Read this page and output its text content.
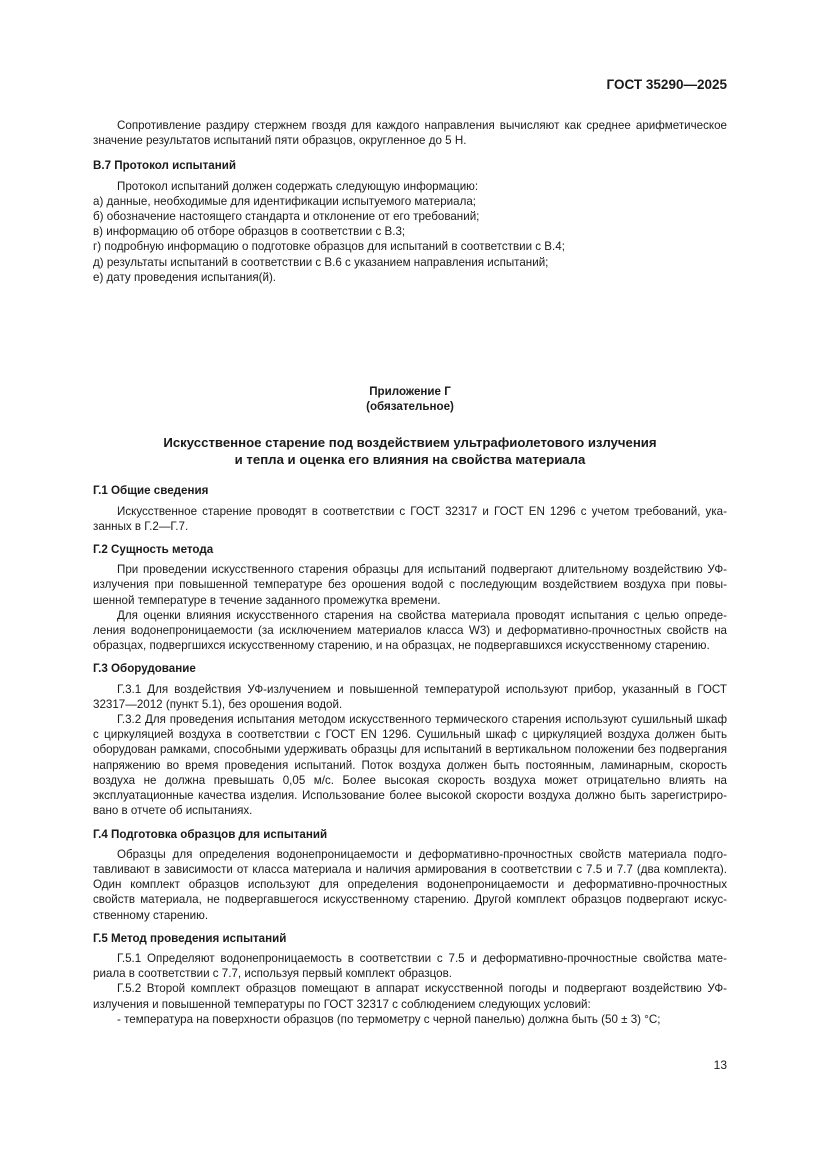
ГОСТ 35290—2025

Сопротивление раздиру стержнем гвоздя для каждого направления вычисляют как среднее арифметическое значение результатов испытаний пяти образцов, округленное до 5 Н.

В.7 Протокол испытаний

Протокол испытаний должен содержать следующую информацию:

а) данные, необходимые для идентификации испытуемого материала;

б) обозначение настоящего стандарта и отклонение от его требований;

в) информацию об отборе образцов в соответствии с В.3;

г) подробную информацию о подготовке образцов для испытаний в соответствии с В.4;

д) результаты испытаний в соответствии с В.6 с указанием направления испытаний;

е) дату проведения испытания(й).

Приложение Г

(обязательное)

Искусственное старение под воздействием ультрафиолетового излучения

и тепла и оценка его влияния на свойства материала

Г.1 Общие сведения

Искусственное старение проводят в соответствии с ГОСТ 32317 и ГОСТ EN 1296 с учетом требований, указанных в Г.2—Г.7.

Г.2 Сущность метода

При проведении искусственного старения образцы для испытаний подвергают длительному воздействию УФ-излучения при повышенной температуре без орошения водой с последующим воздействием воздуха при повышенной температуре в течение заданного промежутка времени.

Для оценки влияния искусственного старения на свойства материала проводят испытания с целью определения водонепроницаемости (за исключением материалов класса W3) и деформативно-прочностных свойств на образцах, подвергшихся искусственному старению, и на образцах, не подвергавшихся искусственному старению.

Г.3 Оборудование

Г.3.1 Для воздействия УФ-излучением и повышенной температурой используют прибор, указанный в ГОСТ 32317—2012 (пункт 5.1), без орошения водой.

Г.3.2 Для проведения испытания методом искусственного термического старения используют сушильный шкаф с циркуляцией воздуха в соответствии с ГОСТ EN 1296. Сушильный шкаф с циркуляцией воздуха должен быть оборудован рамками, способными удерживать образцы для испытаний в вертикальном положении без подвергания напряжению во время проведения испытаний. Поток воздуха должен быть постоянным, ламинарным, скорость воздуха не должна превышать 0,05 м/с. Более высокая скорость воздуха может отрицательно влиять на эксплуатационные качества изделия. Использование более высокой скорости воздуха должно быть зарегистрировано в отчете об испытаниях.

Г.4 Подготовка образцов для испытаний

Образцы для определения водонепроницаемости и деформативно-прочностных свойств материала подготавливают в зависимости от класса материала и наличия армирования в соответствии с 7.5 и 7.7 (два комплекта). Один комплект образцов используют для определения водонепроницаемости и деформативно-прочностных свойств материала, не подвергавшегося искусственному старению. Другой комплект образцов подвергают искусственному старению.

Г.5 Метод проведения испытаний

Г.5.1 Определяют водонепроницаемость в соответствии с 7.5 и деформативно-прочностные свойства материала в соответствии с 7.7, используя первый комплект образцов.

Г.5.2 Второй комплект образцов помещают в аппарат искусственной погоды и подвергают воздействию УФ-излучения и повышенной температуры по ГОСТ 32317 с соблюдением следующих условий:

- температура на поверхности образцов (по термометру с черной панелью) должна быть (50 ± 3) °С;

13
